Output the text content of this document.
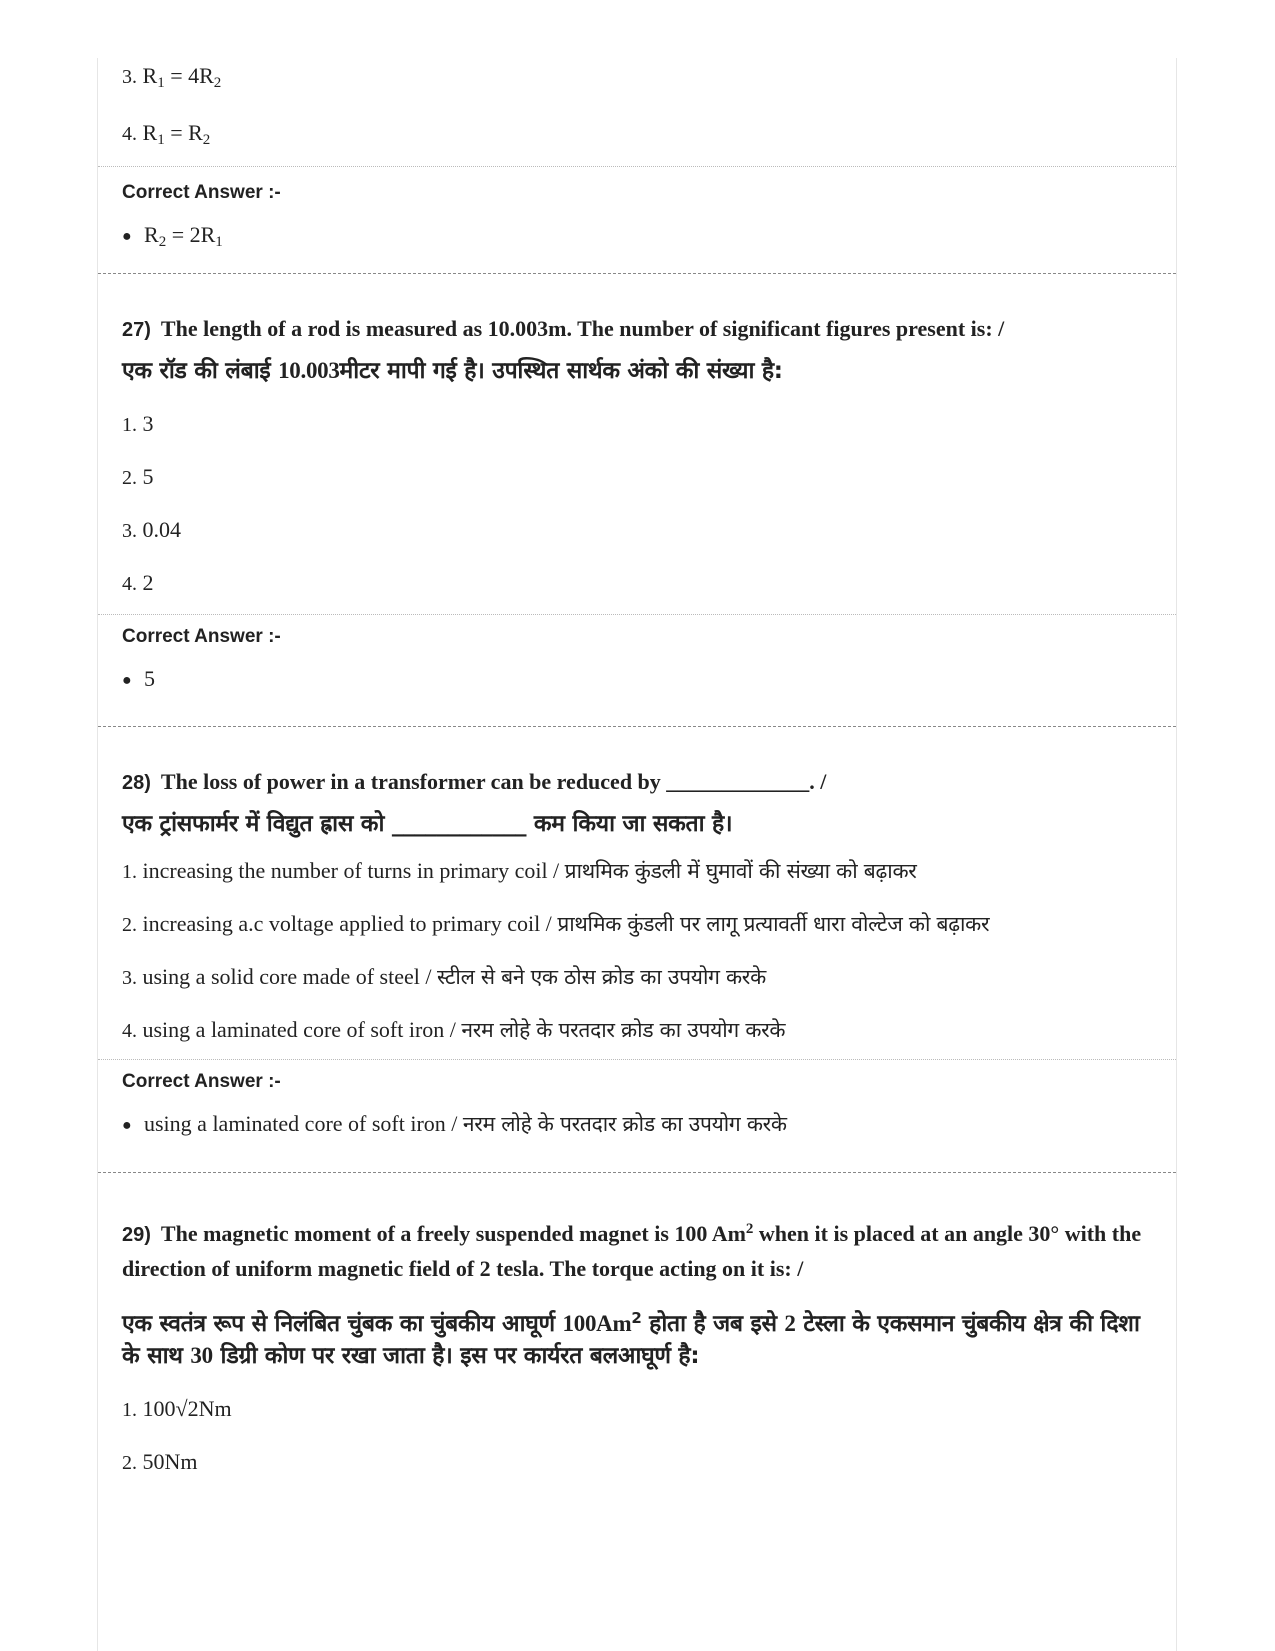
3. $R_1 = 4R_2$
4. $R_1 = R_2$
Correct Answer :-
● $R_2 = 2R_1$
27) The length of a rod is measured as 10.003m. The number of significant figures present is: /
एक रॉड की लंबाई 10.003मीटर मापी गई है। उपस्थित सार्थक अंको की संख्या है:
1. 3
2. 5
3. 0.04
4. 2
Correct Answer :-
● 5
28) The loss of power in a transformer can be reduced by _____________. /
एक ट्रांसफार्मर में विद्युत ह्रास को ____________ कम किया जा सकता है।
1. increasing the number of turns in primary coil / प्राथमिक कुंडली में घुमावों की संख्या को बढ़ाकर
2. increasing a.c voltage applied to primary coil / प्राथमिक कुंडली पर लागू प्रत्यावर्ती धारा वोल्टेज को बढ़ाकर
3. using a solid core made of steel / स्टील से बने एक ठोस क्रोड का उपयोग करके
4. using a laminated core of soft iron / नरम लोहे के परतदार क्रोड का उपयोग करके
Correct Answer :-
● using a laminated core of soft iron / नरम लोहे के परतदार क्रोड का उपयोग करके
29) The magnetic moment of a freely suspended magnet is 100 Am$^2$ when it is placed at an angle 30° with the direction of uniform magnetic field of 2 tesla. The torque acting on it is: /
एक स्वतंत्र रूप से निलंबित चुंबक का चुंबकीय आघूर्ण 100Am$^2$ होता है जब इसे 2 टेस्ला के एकसमान चुंबकीय क्षेत्र की दिशा के साथ 30 डिग्री कोण पर रखा जाता है। इस पर कार्यरत बलआघूर्ण है:
1. 100√2Nm
2. 50Nm
